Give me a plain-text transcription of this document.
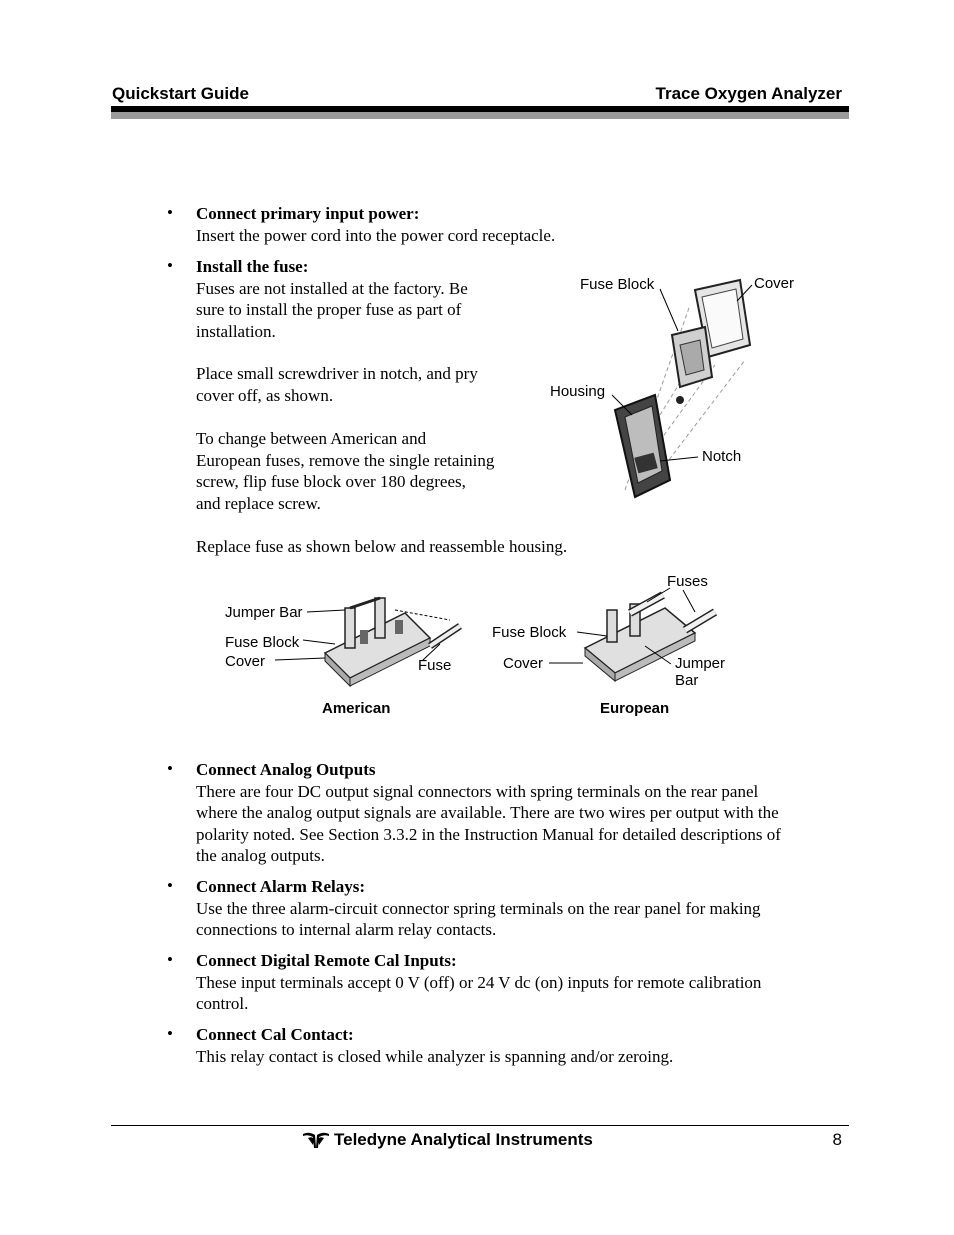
Quickstart Guide	Trace Oxygen Analyzer
• Connect primary input power:
Insert the power cord into the power cord receptacle.
• Install the fuse:
Fuses are not installed at the factory. Be
sure to install the proper fuse as part of
installation.
Place small screwdriver in notch, and pry
cover off, as shown.
To change between American and
European fuses, remove the single retaining
screw, flip fuse block over 180 degrees,
and replace screw.
Replace fuse as shown below and reassemble housing.
Fuse Block	Cover
Housing
Notch
Jumper Bar
Fuse Block
Cover	Fuse
American
Fuses
Fuse Block
Cover	Jumper
Bar
European
• Connect Analog Outputs
There are four DC output signal connectors with spring terminals on the rear panel
where the analog output signals are available. There are two wires per output with the
polarity noted. See Section 3.3.2 in the Instruction Manual for detailed descriptions of
the analog outputs.
• Connect Alarm Relays:
Use the three alarm-circuit connector spring terminals on the rear panel for making
connections to internal alarm relay contacts.
• Connect Digital Remote Cal Inputs:
These input terminals accept 0 V (off) or 24 V dc (on) inputs for remote calibration
control.
• Connect Cal Contact:
This relay contact is closed while analyzer is spanning and/or zeroing.
Teledyne Analytical Instruments	8
